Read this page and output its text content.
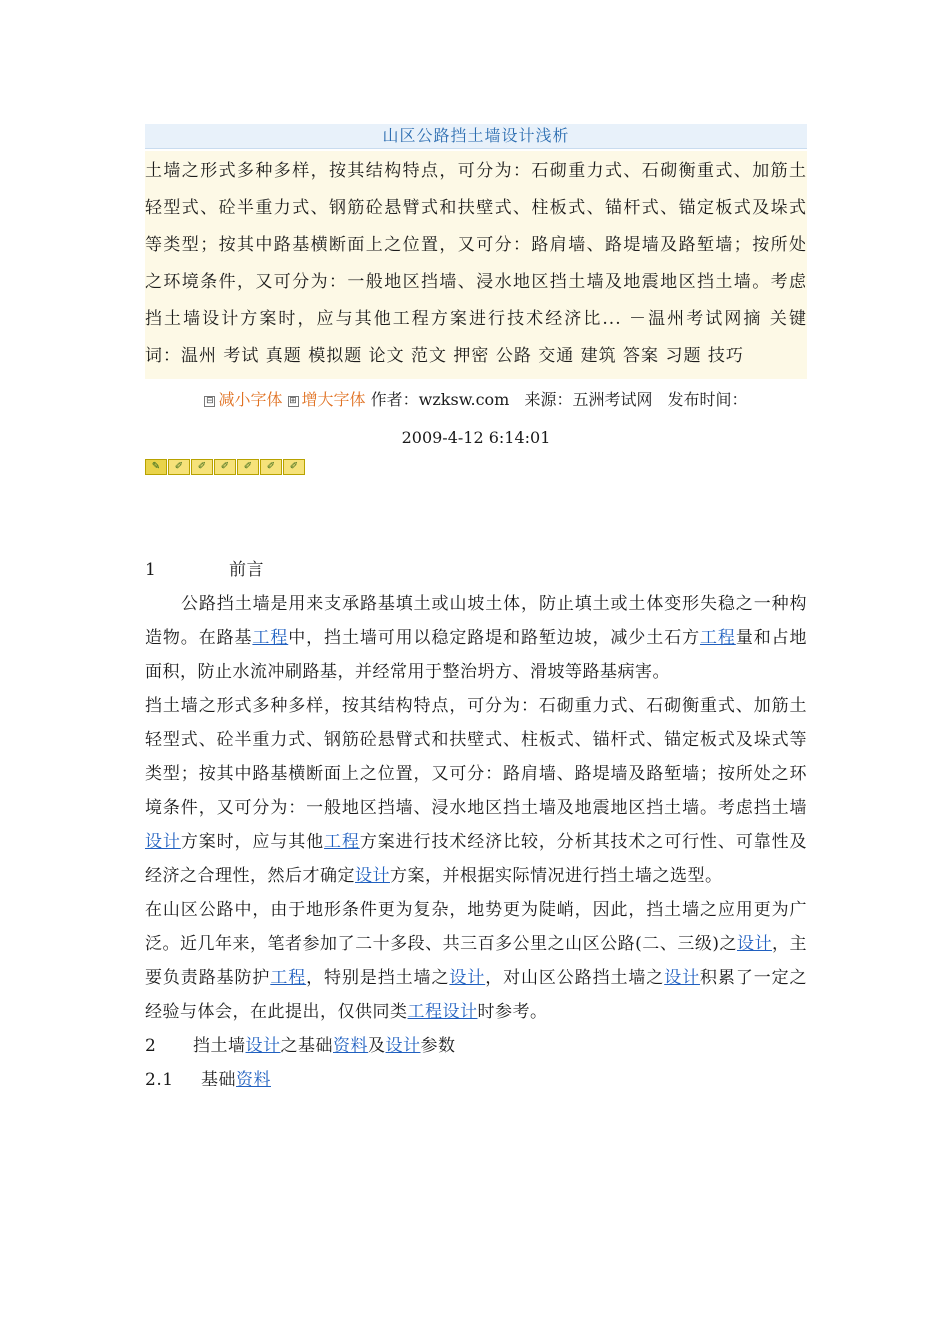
山区公路挡土墙设计浅析
土墙之形式多种多样，按其结构特点，可分为：石砌重力式、石砌衡重式、加筋土轻型式、砼半重力式、钢筋砼悬臂式和扶壁式、柱板式、锚杆式、锚定板式及垛式等类型；按其中路基横断面上之位置，又可分：路肩墙、路堤墙及路堑墙；按所处之环境条件，又可分为：一般地区挡墙、浸水地区挡土墙及地震地区挡土墙。考虑挡土墙设计方案时，应与其他工程方案进行技术经济比... －温州考试网摘 关键词：温州 考试 真题 模拟题 论文 范文 押密 公路 交通 建筑 答案 习题 技巧
⊟ 减小字体 ⊞ 增大字体 作者：wzksw.com 来源：五洲考试网 发布时间：
2009-4-12 6:14:01
✎	✐	✐	✐	✐	✐	✐

1	前言

公路挡土墙是用来支承路基填土或山坡土体，防止填土或土体变形失稳之一种构造物。在路基工程中，挡土墙可用以稳定路堤和路堑边坡，减少土石方工程量和占地面积，防止水流冲刷路基，并经常用于整治坍方、滑坡等路基病害。

挡土墙之形式多种多样，按其结构特点，可分为：石砌重力式、石砌衡重式、加筋土轻型式、砼半重力式、钢筋砼悬臂式和扶壁式、柱板式、锚杆式、锚定板式及垛式等类型；按其中路基横断面上之位置，又可分：路肩墙、路堤墙及路堑墙；按所处之环境条件，又可分为：一般地区挡墙、浸水地区挡土墙及地震地区挡土墙。考虑挡土墙设计方案时，应与其他工程方案进行技术经济比较，分析其技术之可行性、可靠性及经济之合理性，然后才确定设计方案，并根据实际情况进行挡土墙之选型。

在山区公路中，由于地形条件更为复杂，地势更为陡峭，因此，挡土墙之应用更为广泛。近几年来，笔者参加了二十多段、共三百多公里之山区公路(二、三级)之设计，主要负责路基防护工程，特别是挡土墙之设计，对山区公路挡土墙之设计积累了一定之经验与体会，在此提出，仅供同类工程设计时参考。

2 挡土墙设计之基础资料及设计参数

2.1 基础资料
